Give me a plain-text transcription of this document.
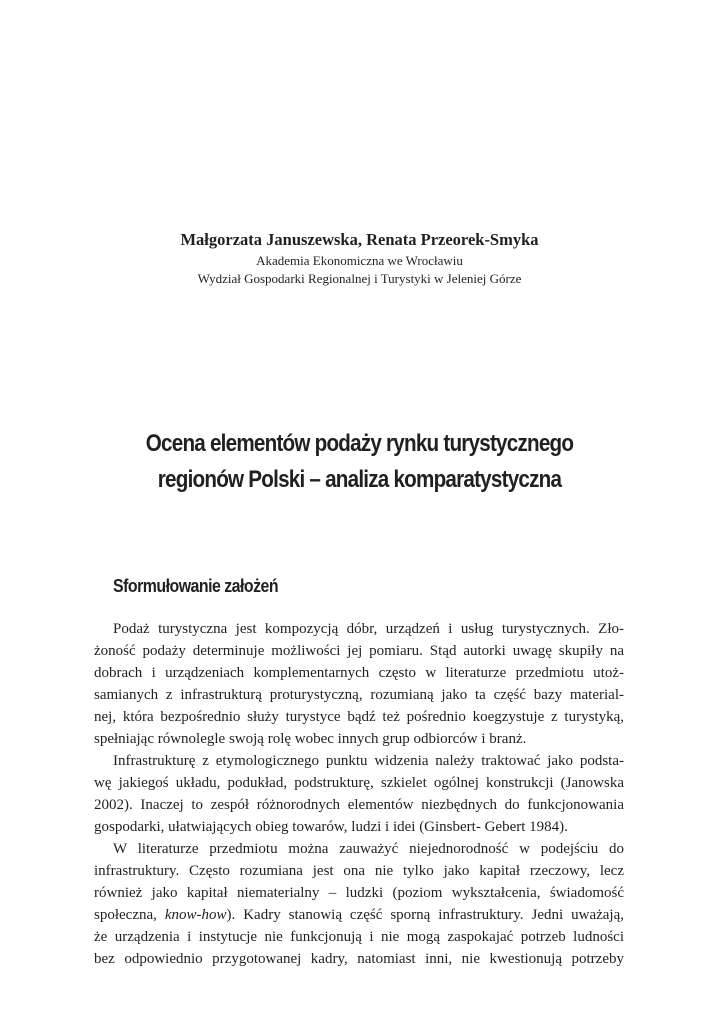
Małgorzata Januszewska, Renata Przeorek-Smyka
Akademia Ekonomiczna we Wrocławiu
Wydział Gospodarki Regionalnej i Turystyki w Jeleniej Górze
Ocena elementów podaży rynku turystycznego
regionów Polski – analiza komparatystyczna
Sformułowanie założeń
Podaż turystyczna jest kompozycją dóbr, urządzeń i usług turystycznych. Zło-
żoność podaży determinuje możliwości jej pomiaru. Stąd autorki uwagę skupiły na
dobrach i urządzeniach komplementarnych często w literaturze przedmiotu utoż-
samianych z infrastrukturą proturystyczną, rozumianą jako ta część bazy material-
nej, która bezpośrednio służy turystyce bądź też pośrednio koegzystuje z turystyką,
spełniając równolegle swoją rolę wobec innych grup odbiorców i branż.
Infrastrukturę z etymologicznego punktu widzenia należy traktować jako podsta-
wę jakiegoś układu, podukład, podstrukturę, szkielet ogólnej konstrukcji (Janowska
2002). Inaczej to zespół różnorodnych elementów niezbędnych do funkcjonowania
gospodarki, ułatwiających obieg towarów, ludzi i idei (Ginsbert- Gebert 1984).
W literaturze przedmiotu można zauważyć niejednorodność w podejściu do
infrastruktury. Często rozumiana jest ona nie tylko jako kapitał rzeczowy, lecz
również jako kapitał niematerialny – ludzki (poziom wykształcenia, świadomość
społeczna, know-how). Kadry stanowią część sporną infrastruktury. Jedni uważają,
że urządzenia i instytucje nie funkcjonują i nie mogą zaspokajać potrzeb ludności
bez odpowiednio przygotowanej kadry, natomiast inni, nie kwestionują potrzeby
